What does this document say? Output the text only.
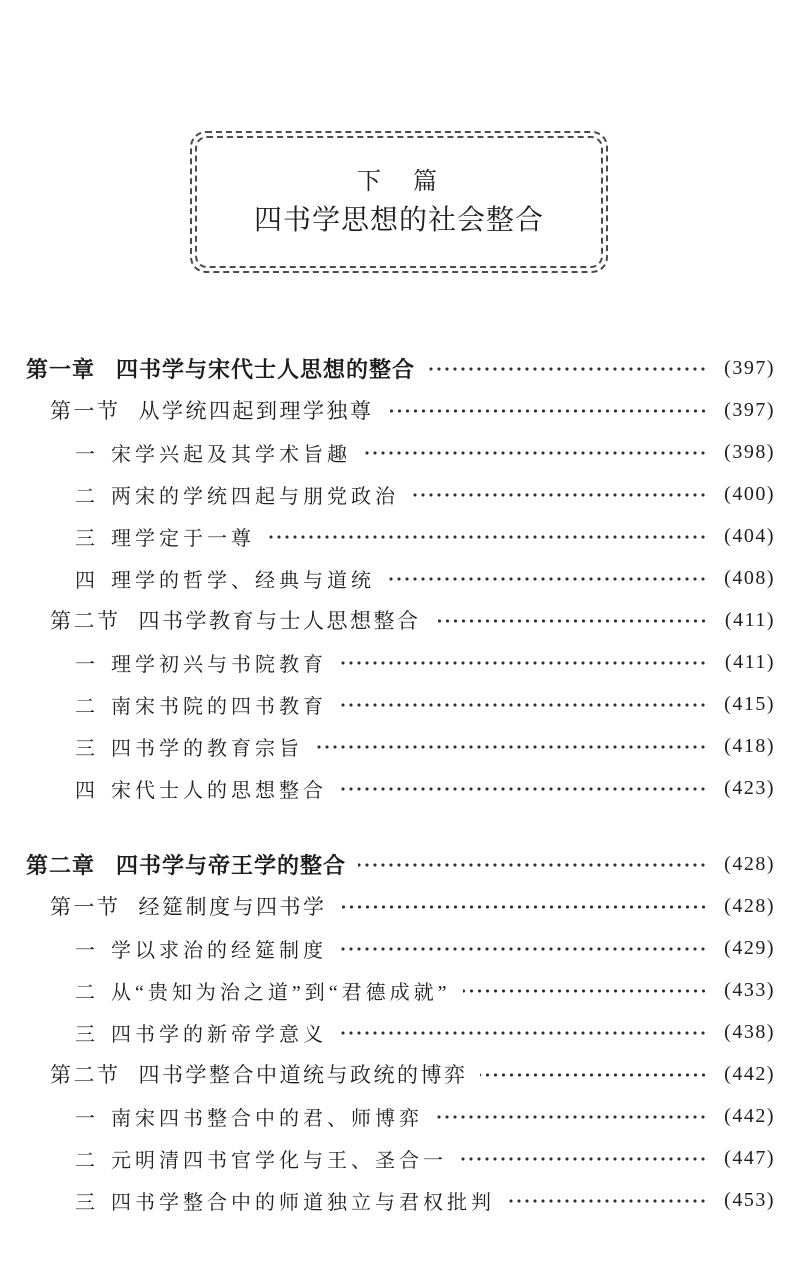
下　篇
四书学思想的社会整合
第一章 四书学与宋代士人思想的整合	(397)
第一节 从学统四起到理学独尊	(397)
一 宋学兴起及其学术旨趣	(398)
二 两宋的学统四起与朋党政治	(400)
三 理学定于一尊	(404)
四 理学的哲学、经典与道统	(408)
第二节 四书学教育与士人思想整合	(411)
一 理学初兴与书院教育	(411)
二 南宋书院的四书教育	(415)
三 四书学的教育宗旨	(418)
四 宋代士人的思想整合	(423)
第二章 四书学与帝王学的整合	(428)
第一节 经筵制度与四书学	(428)
一 学以求治的经筵制度	(429)
二 从“贵知为治之道”到“君德成就”	(433)
三 四书学的新帝学意义	(438)
第二节 四书学整合中道统与政统的博弈	(442)
一 南宋四书整合中的君、师博弈	(442)
二 元明清四书官学化与王、圣合一	(447)
三 四书学整合中的师道独立与君权批判	(453)
